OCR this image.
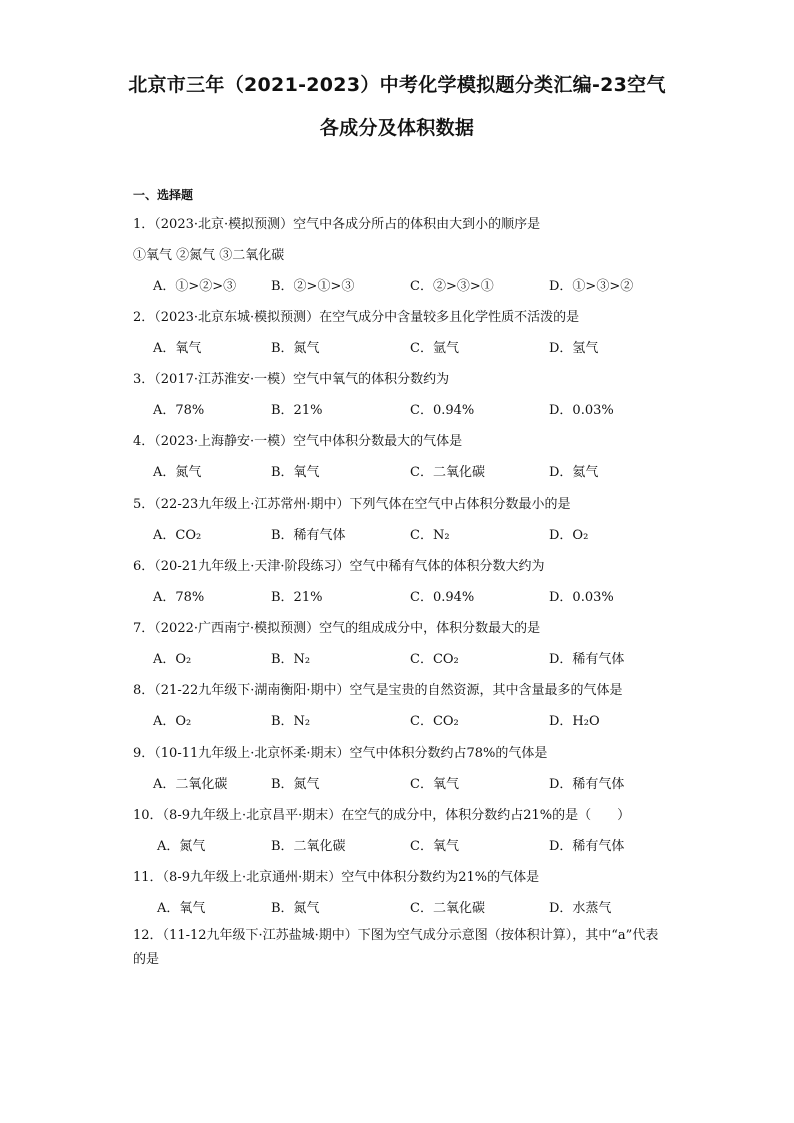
北京市三年（2021-2023）中考化学模拟题分类汇编-23空气
各成分及体积数据
一、选择题
1．（2023·北京·模拟预测）空气中各成分所占的体积由大到小的顺序是
①氧气 ②氮气 ③二氧化碳
A．①>②>③	B．②>①>③	C．②>③>①	D．①>③>②
2．（2023·北京东城·模拟预测）在空气成分中含量较多且化学性质不活泼的是
A．氧气	B．氮气	C．氩气	D．氢气
3．（2017·江苏淮安·一模）空气中氧气的体积分数约为
A．78%	B．21%	C．0.94%	D．0.03%
4．（2023·上海静安·一模）空气中体积分数最大的气体是
A．氮气	B．氧气	C．二氧化碳	D．氦气
5．（22-23九年级上·江苏常州·期中）下列气体在空气中占体积分数最小的是
A．CO₂	B．稀有气体	C．N₂	D．O₂
6．（20-21九年级上·天津·阶段练习）空气中稀有气体的体积分数大约为
A．78%	B．21%	C．0.94%	D．0.03%
7．（2022·广西南宁·模拟预测）空气的组成成分中，体积分数最大的是
A．O₂	B．N₂	C．CO₂	D．稀有气体
8．（21-22九年级下·湖南衡阳·期中）空气是宝贵的自然资源，其中含量最多的气体是
A．O₂	B．N₂	C．CO₂	D．H₂O
9．（10-11九年级上·北京怀柔·期末）空气中体积分数约占78%的气体是
A．二氧化碳	B．氮气	C．氧气	D．稀有气体
10．（8-9九年级上·北京昌平·期末）在空气的成分中，体积分数约占21%的是（　　）
A．氮气	B．二氧化碳	C．氧气	D．稀有气体
11．（8-9九年级上·北京通州·期末）空气中体积分数约为21%的气体是
A．氧气	B．氮气	C．二氧化碳	D．水蒸气
12．（11-12九年级下·江苏盐城·期中）下图为空气成分示意图（按体积计算），其中“a”代表的是
